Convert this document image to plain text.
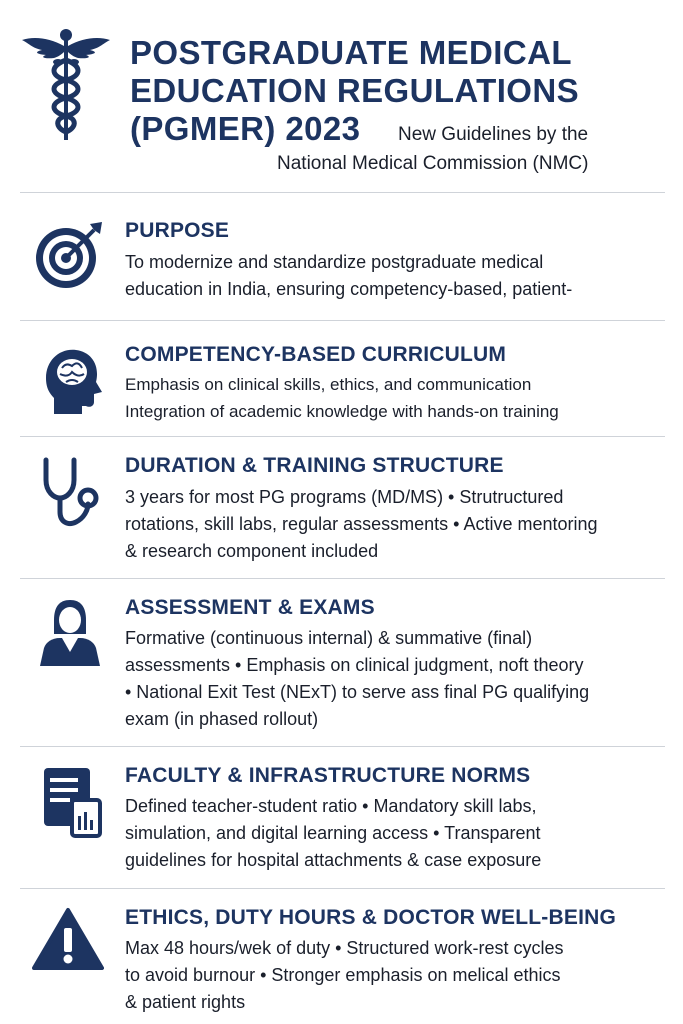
POSTGRADUATE MEDICAL
EDUCATION REGULATIONS
(PGMER) 2023	New Guidelines by the
National Medical Commission (NMC)
PURPOSE
To modernize and standardize postgraduate medical
education in India, ensuring competency-based, patient-
COMPETENCY-BASED CURRICULUM
Emphasis on clinical skills, ethics, and communication
Integration of academic knowledge with hands-on training
DURATION & TRAINING STRUCTURE
3 years for most PG programs (MD/MS) • Strutructured
rotations, skill labs, regular assessments • Active mentoring
& research component included
ASSESSMENT & EXAMS
Formative (continuous internal) & summative (final)
assessments • Emphasis on clinical judgment, noft theory
• National Exit Test (NExT) to serve ass final PG qualifying
exam (in phased rollout)
FACULTY & INFRASTRUCTURE NORMS
Defined teacher-student ratio • Mandatory skill labs,
simulation, and digital learning access • Transparent
guidelines for hospital attachments & case exposure
ETHICS, DUTY HOURS & DOCTOR WELL-BEING
Max 48 hours/wek of duty • Structured work-rest cycles
to avoid burnour • Stronger emphasis on melical ethics
& patient rights
